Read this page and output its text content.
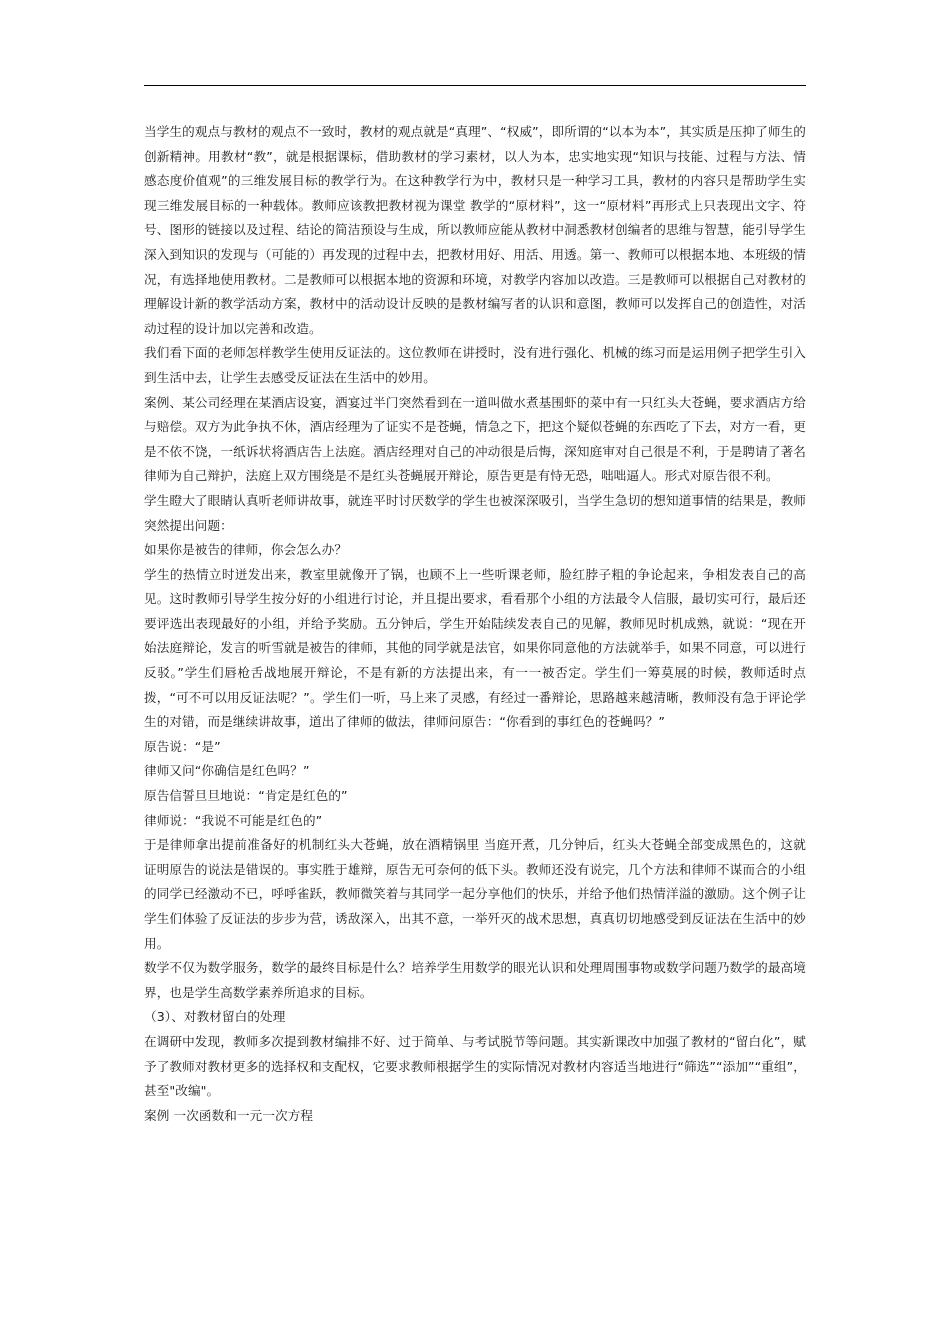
当学生的观点与教材的观点不一致时，教材的观点就是“真理”、“权威”，即所谓的“以本为本”，其实质是压抑了师生的创新精神。用教材“教”，就是根据课标，借助教材的学习素材，以人为本，忠实地实现“知识与技能、过程与方法、情感态度价值观”的三维发展目标的教学行为。在这种教学行为中，教材只是一种学习工具，教材的内容只是帮助学生实现三维发展目标的一种载体。教师应该教把教材视为课堂 教学的“原材料”，这一“原材料”再形式上只表现出文字、符号、图形的链接以及过程、结论的简洁预设与生成，所以教师应能从教材中洞悉教材创编者的思维与智慧，能引导学生深入到知识的发现与（可能的）再发现的过程中去，把教材用好、用活、用透。第一、教师可以根据本地、本班级的情况，有选择地使用教材。二是教师可以根据本地的资源和环境，对教学内容加以改造。三是教师可以根据自己对教材的理解设计新的教学活动方案，教材中的活动设计反映的是教材编写者的认识和意图，教师可以发挥自己的创造性，对活动过程的设计加以完善和改造。

我们看下面的老师怎样教学生使用反证法的。这位教师在讲授时，没有进行强化、机械的练习而是运用例子把学生引入到生活中去，让学生去感受反证法在生活中的妙用。

案例、某公司经理在某酒店设宴，酒宴过半门突然看到在一道叫做水煮基围虾的菜中有一只红头大苍蝇，要求酒店方给与赔偿。双方为此争执不休，酒店经理为了证实不是苍蝇，情急之下，把这个疑似苍蝇的东西吃了下去，对方一看，更是不依不饶，一纸诉状将酒店告上法庭。酒店经理对自己的冲动很是后悔，深知庭审对自己很是不利，于是聘请了著名律师为自己辩护，法庭上双方围绕是不是红头苍蝇展开辩论，原告更是有恃无恐，咄咄逼人。形式对原告很不利。

学生瞪大了眼睛认真听老师讲故事，就连平时讨厌数学的学生也被深深吸引，当学生急切的想知道事情的结果是，教师突然提出问题：

如果你是被告的律师，你会怎么办？

学生的热情立时迸发出来，教室里就像开了锅，也顾不上一些听课老师，脸红脖子粗的争论起来，争相发表自己的高见。这时教师引导学生按分好的小组进行讨论，并且提出要求，看看那个小组的方法最令人信服，最切实可行，最后还要评选出表现最好的小组，并给予奖励。五分钟后，学生开始陆续发表自己的见解，教师见时机成熟，就说：“现在开始法庭辩论，发言的听雪就是被告的律师，其他的同学就是法官，如果你同意他的方法就举手，如果不同意，可以进行反驳。”学生们唇枪舌战地展开辩论，不是有新的方法提出来，有一一被否定。学生们一筹莫展的时候，教师适时点拨，“可不可以用反证法呢？”。学生们一听，马上来了灵感，有经过一番辩论，思路越来越清晰，教师没有急于评论学生的对错，而是继续讲故事，道出了律师的做法，律师问原告：“你看到的事红色的苍蝇吗？”

原告说：“是”

律师又问“你确信是红色吗？”

原告信誓旦旦地说：“肯定是红色的”

律师说：“我说不可能是红色的”

于是律师拿出提前准备好的机制红头大苍蝇，放在酒精锅里 当庭开煮，几分钟后，红头大苍蝇全部变成黑色的，这就证明原告的说法是错误的。事实胜于雄辩，原告无可奈何的低下头。教师还没有说完，几个方法和律师不谋而合的小组的同学已经激动不已，呼呼雀跃，教师微笑着与其同学一起分享他们的快乐，并给予他们热情洋溢的激励。这个例子让学生们体验了反证法的步步为营，诱敌深入，出其不意，一举歼灭的战术思想，真真切切地感受到反证法在生活中的妙用。

数学不仅为数学服务，数学的最终目标是什么？培养学生用数学的眼光认识和处理周围事物或数学问题乃数学的最高境界，也是学生高数学素养所追求的目标。

（3）、对教材留白的处理

在调研中发现，教师多次提到教材编排不好、过于简单、与考试脱节等问题。其实新课改中加强了教材的“留白化”，赋予了教师对教材更多的选择权和支配权，它要求教师根据学生的实际情况对教材内容适当地进行“筛选”“添加”“重组”，甚至"改编"。

案例 一次函数和一元一次方程
